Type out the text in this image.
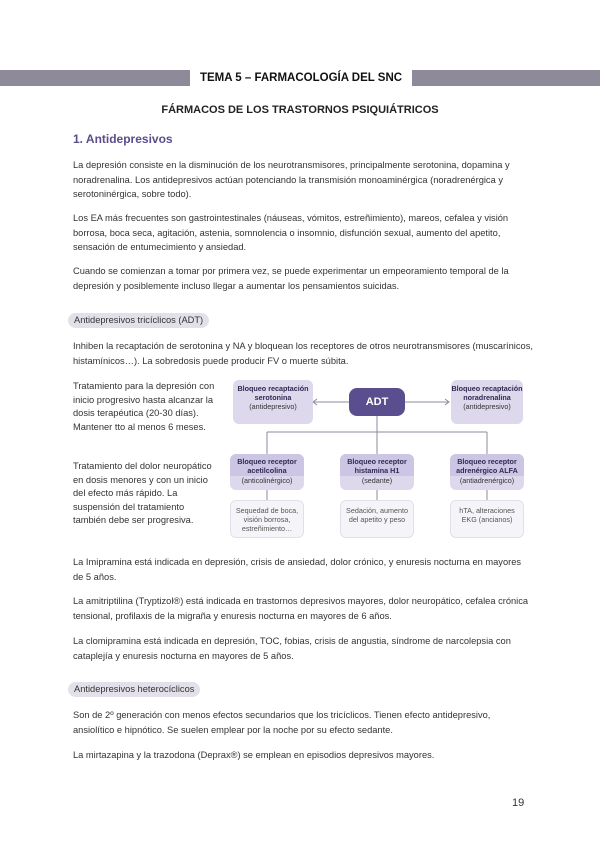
TEMA 5 – FARMACOLOGÍA DEL SNC
FÁRMACOS DE LOS TRASTORNOS PSIQUIÁTRICOS
1. Antidepresivos
La depresión consiste en la disminución de los neurotransmisores, principalmente serotonina, dopamina y noradrenalina. Los antidepresivos actúan potenciando la transmisión monoaminérgica (noradrenérgica y serotoninérgica, sobre todo).
Los EA más frecuentes son gastrointestinales (náuseas, vómitos, estreñimiento), mareos, cefalea y visión borrosa, boca seca, agitación, astenia, somnolencia o insomnio, disfunción sexual, aumento del apetito, sensación de entumecimiento y ansiedad.
Cuando se comienzan a tomar por primera vez, se puede experimentar un empeoramiento temporal de la depresión y posiblemente incluso llegar a aumentar los pensamientos suicidas.
Antidepresivos tricíclicos (ADT)
Inhiben la recaptación de serotonina y NA y bloquean los receptores de otros neurotransmisores (muscarínicos, histamínicos…). La sobredosis puede producir FV o muerte súbita.
Tratamiento para la depresión con inicio progresivo hasta alcanzar la dosis terapéutica (20-30 días). Mantener tto al menos 6 meses.
Tratamiento del dolor neuropático en dosis menores y con un inicio del efecto más rápido. La suspensión del tratamiento también debe ser progresiva.
ADT
Bloqueo recaptación serotonina
(antidepresivo)
Bloqueo recaptación noradrenalina
(antidepresivo)
Bloqueo receptor acetilcolina
(anticolinérgico)
Bloqueo receptor histamina H1
(sedante)
Bloqueo receptor adrenérgico ALFA
(antiadrenérgico)
Sequedad de boca, visión borrosa, estreñimiento…
Sedación, aumento del apetito y peso
hTA, alteraciones EKG (ancianos)
La Imipramina está indicada en depresión, crisis de ansiedad, dolor crónico, y enuresis nocturna en mayores de 5 años.
La amitriptilina (Tryptizol®) está indicada en trastornos depresivos mayores, dolor neuropático, cefalea crónica tensional, profilaxis de la migraña y enuresis nocturna en mayores de 6 años.
La clomipramina está indicada en depresión, TOC, fobias, crisis de angustia, síndrome de narcolepsia con cataplejía y enuresis nocturna en mayores de 5 años.
Antidepresivos heterocíclicos
Son de 2º generación con menos efectos secundarios que los tricíclicos. Tienen efecto antidepresivo, ansiolítico e hipnótico. Se suelen emplear por la noche por su efecto sedante.
La mirtazapina y la trazodona (Deprax®) se emplean en episodios depresivos mayores.
19
